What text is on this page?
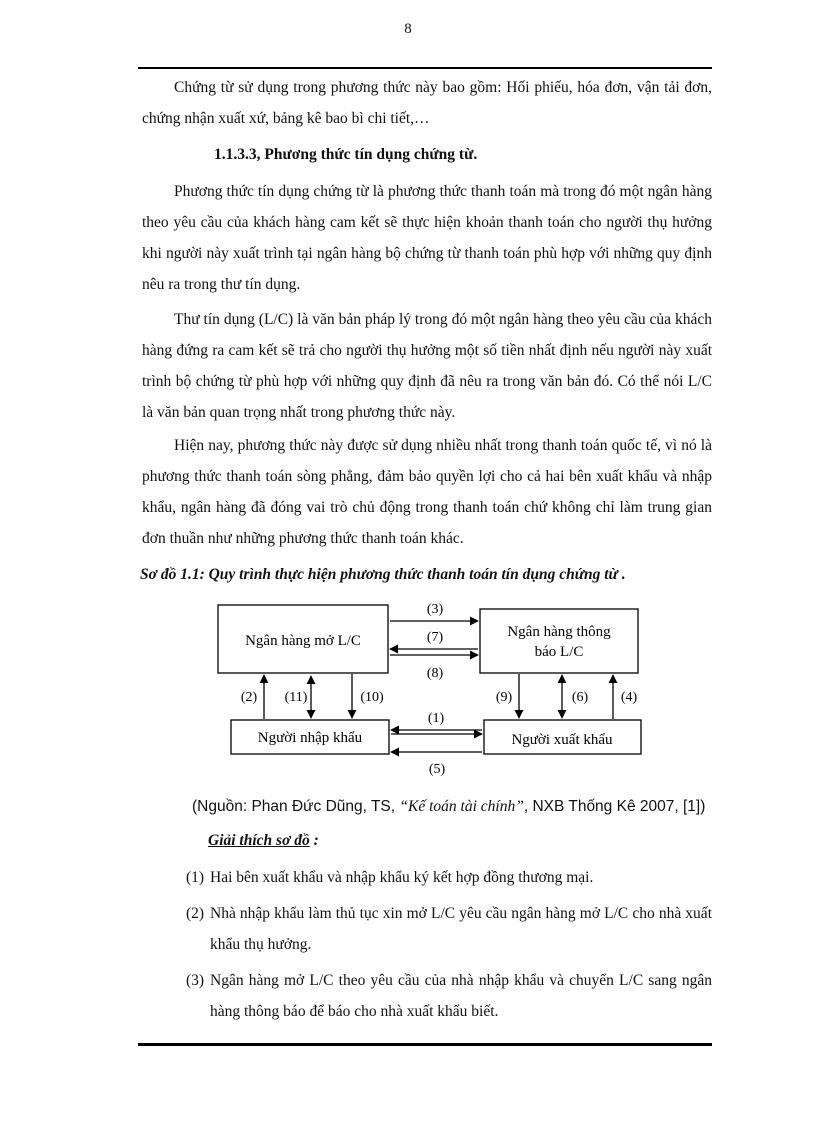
8
Chứng từ sử dụng trong phương thức này bao gồm: Hối phiếu, hóa đơn, vận tải đơn, chứng nhận xuất xứ, bảng kê bao bì chi tiết,…
1.1.3.3, Phương thức tín dụng chứng từ.
Phương thức tín dụng chứng từ là phương thức thanh toán mà trong đó một ngân hàng theo yêu cầu của khách hàng cam kết sẽ thực hiện khoản thanh toán cho người thụ hưởng khi người này xuất trình tại ngân hàng bộ chứng từ thanh toán phù hợp với những quy định nêu ra trong thư tín dụng.
Thư tín dụng (L/C) là văn bản pháp lý trong đó một ngân hàng theo yêu cầu của khách hàng đứng ra cam kết sẽ trả cho người thụ hưởng một số tiền nhất định nếu người này xuất trình bộ chứng từ phù hợp với những quy định đã nêu ra trong văn bản đó. Có thể nói L/C là văn bản quan trọng nhất trong phương thức này.
Hiện nay, phương thức này được sử dụng nhiều nhất trong thanh toán quốc tế, vì nó là phương thức thanh toán sòng phẳng, đảm bảo quyền lợi cho cả hai bên xuất khẩu và nhập khẩu, ngân hàng đã đóng vai trò chủ động trong thanh toán chứ không chỉ làm trung gian đơn thuần như những phương thức thanh toán khác.
Sơ đồ 1.1: Quy trình thực hiện phương thức thanh toán tín dụng chứng từ .
Ngân hàng mở L/C
Ngân hàng thông
báo L/C
Người nhập khẩu	Người xuất khẩu
(3)
(7)
(8)
(2) (11)	(10)	(9)	(6) (4)
(1)
(5)
(Nguồn: Phan Đức Dũng, TS, “Kế toán tài chính”, NXB Thống Kê 2007, [1])
Giải thích sơ đồ :
(1) Hai bên xuất khẩu và nhập khẩu ký kết hợp đồng thương mại.
(2) Nhà nhập khẩu làm thủ tục xin mở L/C yêu cầu ngân hàng mở L/C cho nhà xuất khẩu thụ hưởng.
(3) Ngân hàng mở L/C theo yêu cầu của nhà nhập khẩu và chuyển L/C sang ngân hàng thông báo để báo cho nhà xuất khẩu biết.
